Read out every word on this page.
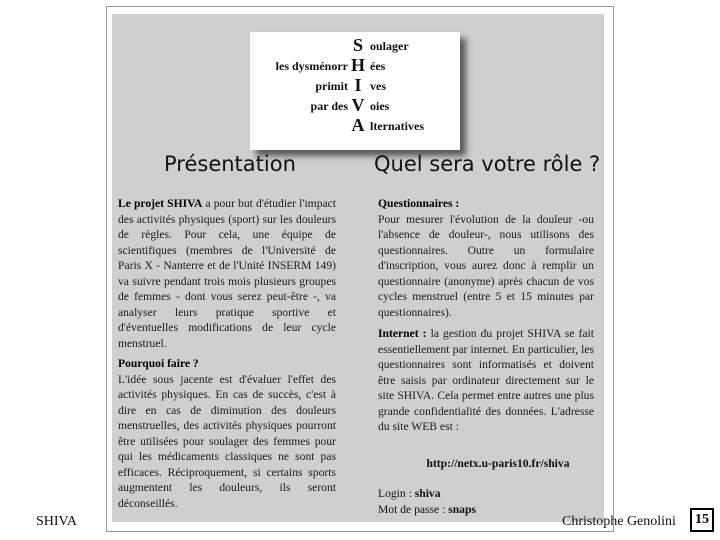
S oulager
les dysménorr H ées
primit I ves
par des V oies
A lternatives
Présentation	Quel sera votre rôle ?
Le projet SHIVA a pour but d'étudier l'impact des activités physiques (sport) sur les douleurs de règles. Pour cela, une équipe de scientifiques (membres de l'Université de Paris X - Nanterre et de l'Unité INSERM 149) va suivre pendant trois mois plusieurs groupes de femmes - dont vous serez peut-être -, va analyser leurs pratique sportive et d'éventuelles modifications de leur cycle menstruel.
Pourquoi faire ?
L'idée sous jacente est d'évaluer l'effet des activités physiques. En cas de succès, c'est à dire en cas de diminution des douleurs menstruelles, des activités physiques pourront être utilisées pour soulager des femmes pour qui les médicaments classiques ne sont pas efficaces. Réciproquement, si certains sports augmentent les douleurs, ils seront déconseillés.
Questionnaires :
Pour mesurer l'évolution de la douleur -ou l'absence de douleur-, nous utilisons des questionnaires. Outre un formulaire d'inscription, vous aurez donc à remplir un questionnaire (anonyme) après chacun de vos cycles menstruel (entre 5 et 15 minutes par questionnaires).
Internet : la gestion du projet SHIVA se fait essentiellement par internet. En particulier, les questionnaires sont informatisés et doivent être saisis par ordinateur directement sur le site SHIVA. Cela permet entre autres une plus grande confidentialité des données. L'adresse du site WEB est :
http://netx.u-paris10.fr/shiva
Login : shiva
Mot de passe : snaps
SHIVA	Christophe Genolini	15
